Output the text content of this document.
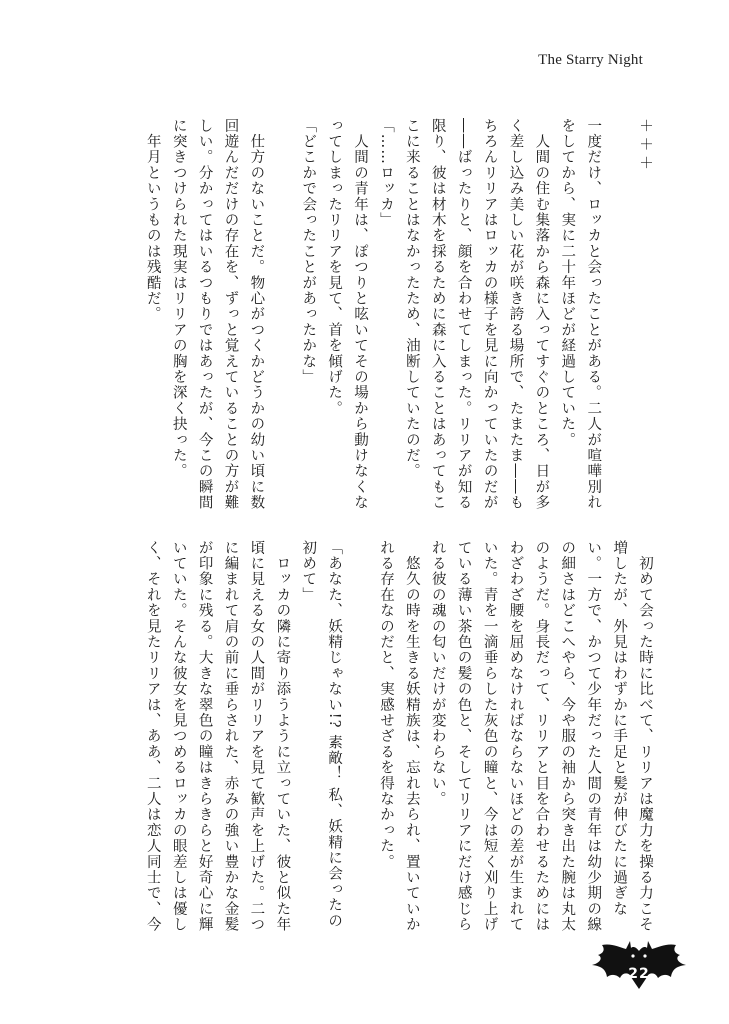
The Starry Night

＋＋＋

一度だけ、ロッカと会ったことがある。二人が喧嘩別れをしてから、実に二十年ほどが経過していた。

　人間の住む集落から森に入ってすぐのところ、日が多く差し込み美しい花が咲き誇る場所で、たまたま――もちろんリリアはロッカの様子を見に向かっていたのだが――ばったりと、顔を合わせてしまった。リリアが知る限り、彼は材木を採るために森に入ることはあってもここに来ることはなかったため、油断していたのだ。

「……ロッカ」

　人間の青年は、ぽつりと呟いてその場から動けなくなってしまったリリアを見て、首を傾げた。

「どこかで会ったことがあったかな」

　仕方のないことだ。物心がつくかどうかの幼い頃に数回遊んだだけの存在を、ずっと覚えていることの方が難しい。分かってはいるつもりではあったが、今この瞬間に突きつけられた現実はリリアの胸を深く抉った。

　年月というものは残酷だ。

　初めて会った時に比べて、リリアは魔力を操る力こそ増したが、外見はわずかに手足と髪が伸びたに過ぎない。一方で、かつて少年だった人間の青年は幼少期の線の細さはどこへやら、今や服の袖から突き出た腕は丸太のようだ。身長だって、リリアと目を合わせるためにはわざわざ腰を屈めなければならないほどの差が生まれていた。青を一滴垂らした灰色の瞳と、今は短く刈り上げている薄い茶色の髪の色と、そしてリリアにだけ感じられる彼の魂の匂いだけが変わらない。

　悠久の時を生きる妖精族は、忘れ去られ、置いていかれる存在なのだと、実感せざるを得なかった。

「あなた、妖精じゃない!? 素敵！ 私、妖精に会ったの初めて」

　ロッカの隣に寄り添うように立っていた、彼と似た年頃に見える女の人間がリリアを見て歓声を上げた。二つに編まれて肩の前に垂らされた、赤みの強い豊かな金髪が印象に残る。大きな翠色の瞳はきらきらと好奇心に輝いていた。そんな彼女を見つめるロッカの眼差しは優しく、それを見たリリアは、ああ、二人は恋人同士で、今

22
